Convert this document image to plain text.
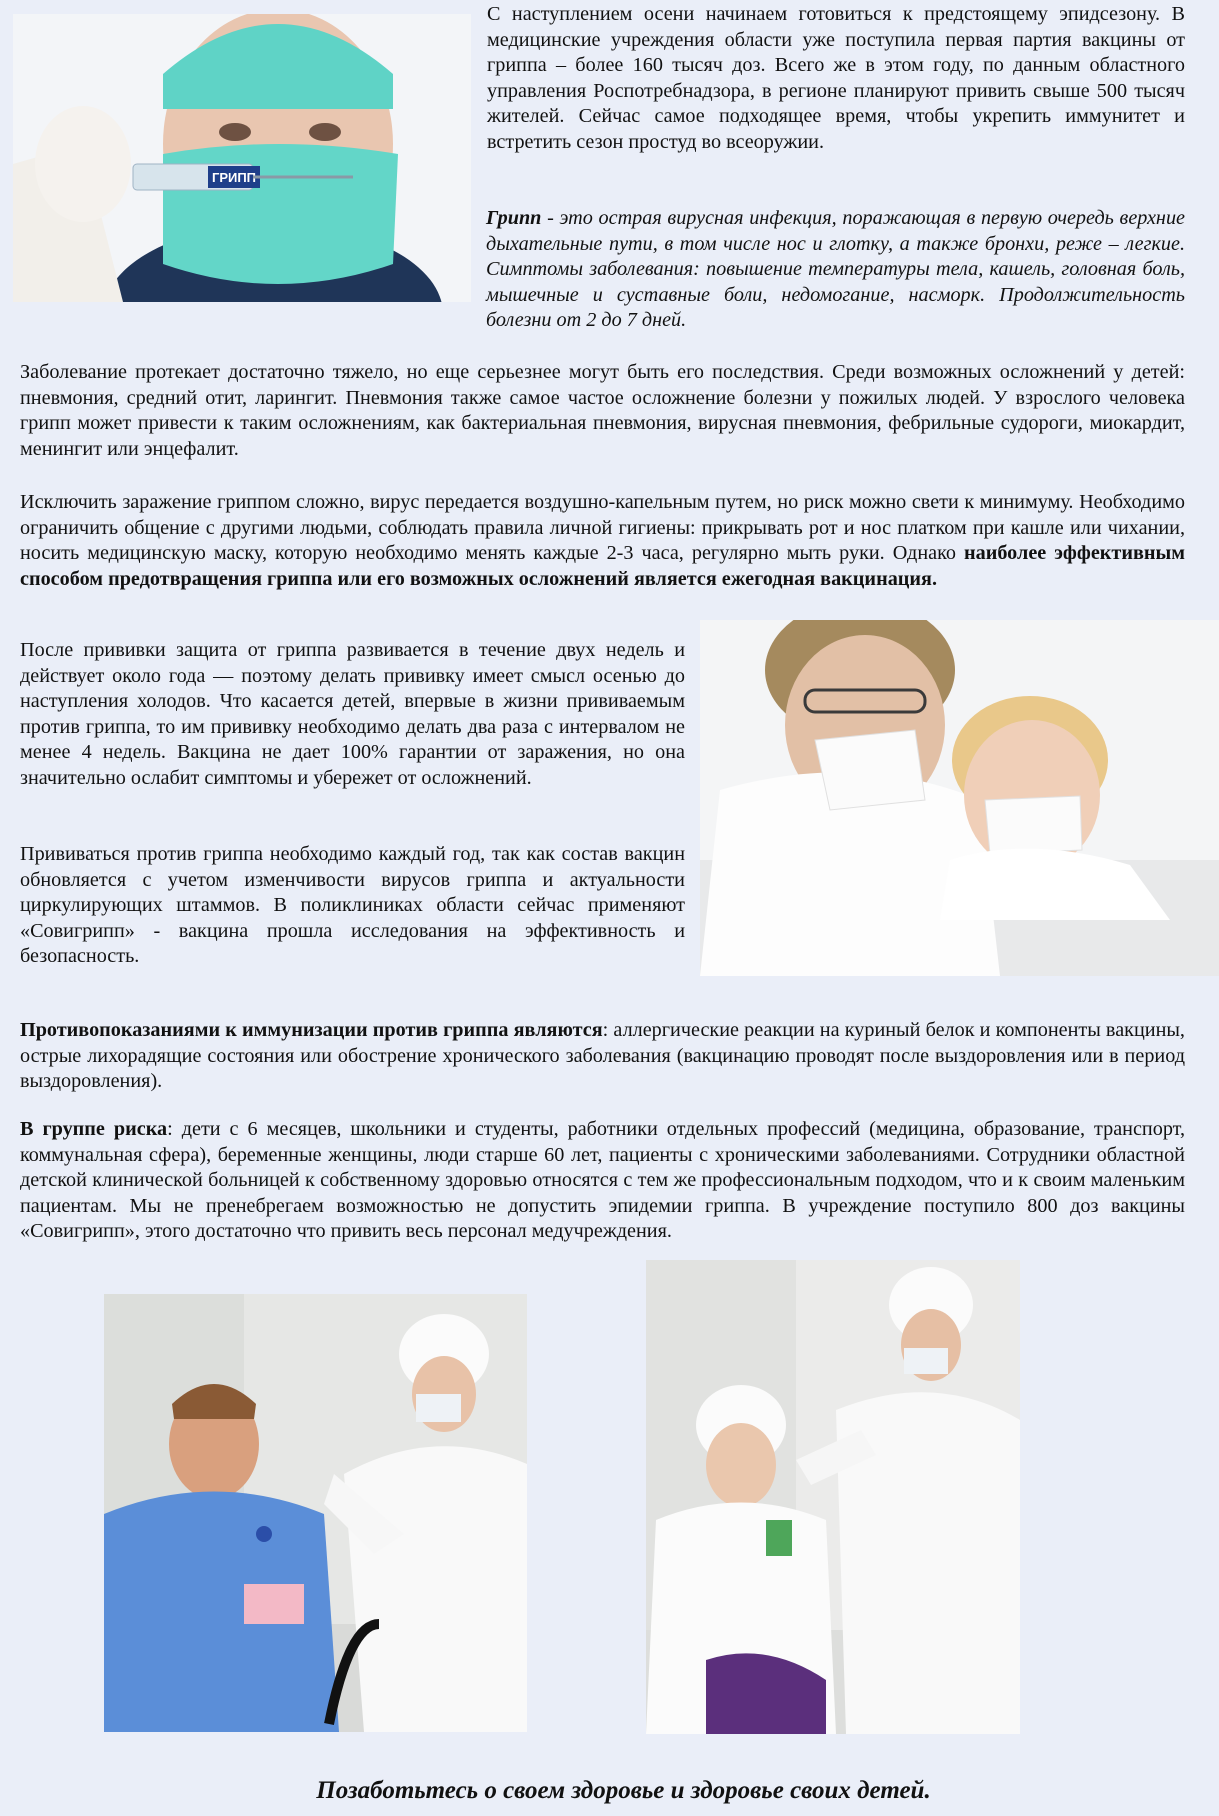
ГРИПП

С наступлением осени начинаем готовиться к предстоящему эпидсезону. В медицинские учреждения области уже поступила первая партия вакцины от гриппа – более 160 тысяч доз. Всего же в этом году, по данным областного управления Роспотребнадзора, в регионе планируют привить свыше 500 тысяч жителей. Сейчас самое подходящее время, чтобы укрепить иммунитет и встретить сезон простуд во всеоружии.

Грипп - это острая вирусная инфекция, поражающая в первую очередь верхние дыхательные пути, в том числе нос и глотку, а также бронхи, реже – легкие. Симптомы заболевания: повышение температуры тела, кашель, головная боль, мышечные и суставные боли, недомогание, насморк. Продолжительность болезни от 2 до 7 дней.

Заболевание протекает достаточно тяжело, но еще серьезнее могут быть его последствия. Среди возможных осложнений у детей: пневмония, средний отит, ларингит. Пневмония также самое частое осложнение болезни у пожилых людей. У взрослого человека грипп может привести к таким осложнениям, как бактериальная пневмония, вирусная пневмония, фебрильные судороги, миокардит, менингит или энцефалит.

Исключить заражение гриппом сложно, вирус передается воздушно-капельным путем, но риск можно свети к минимуму. Необходимо ограничить общение с другими людьми, соблюдать правила личной гигиены: прикрывать рот и нос платком при кашле или чихании, носить медицинскую маску, которую необходимо менять каждые 2-3 часа, регулярно мыть руки. Однако наиболее эффективным способом предотвращения гриппа или его возможных осложнений является ежегодная вакцинация.

После прививки защита от гриппа развивается в течение двух недель и действует около года — поэтому делать прививку имеет смысл осенью до наступления холодов. Что касается детей, впервые в жизни прививаемым против гриппа, то им прививку необходимо делать два раза с интервалом не менее 4 недель. Вакцина не дает 100% гарантии от заражения, но она значительно ослабит симптомы и убережет от осложнений.

Прививаться против гриппа необходимо каждый год, так как состав вакцин обновляется с учетом изменчивости вирусов гриппа и актуальности циркулирующих штаммов. В поликлиниках области сейчас применяют «Совигрипп» - вакцина прошла исследования на эффективность и безопасность.

Противопоказаниями к иммунизации против гриппа являются: аллергические реакции на куриный белок и компоненты вакцины, острые лихорадящие состояния или обострение хронического заболевания (вакцинацию проводят после выздоровления или в период выздоровления).

В группе риска: дети с 6 месяцев, школьники и студенты, работники отдельных профессий (медицина, образование, транспорт, коммунальная сфера), беременные женщины, люди старше 60 лет, пациенты с хроническими заболеваниями. Сотрудники областной детской клинической больницей к собственному здоровью относятся с тем же профессиональным подходом, что и к своим маленьким пациентам. Мы не пренебрегаем возможностью не допустить эпидемии гриппа. В учреждение поступило 800 доз вакцины «Совигрипп», этого достаточно что привить весь персонал медучреждения.

Позаботьтесь о своем здоровье и здоровье своих детей.
